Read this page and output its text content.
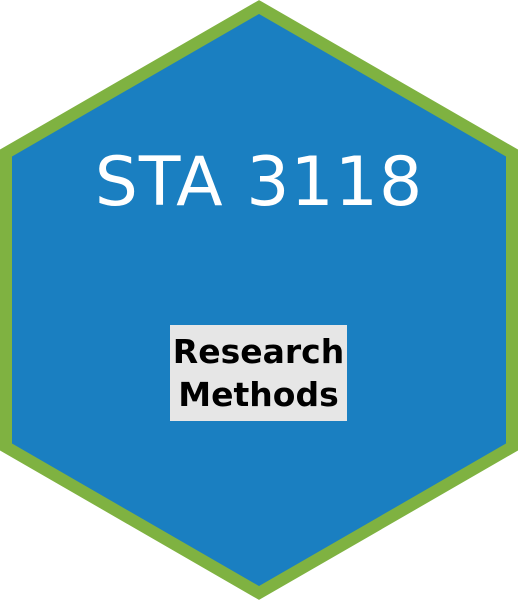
STA 3118
Research
Methods
